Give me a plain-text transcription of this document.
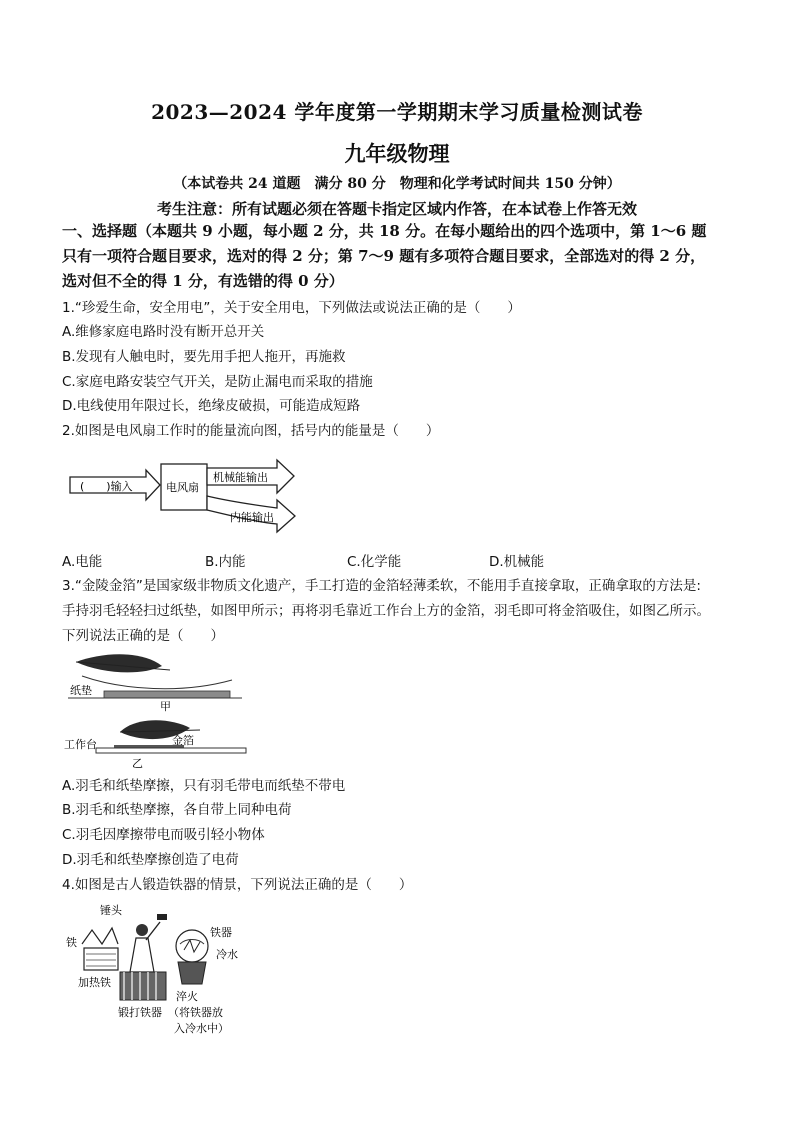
2023—2024 学年度第一学期期末学习质量检测试卷
九年级物理
（本试卷共 24 道题　满分 80 分　物理和化学考试时间共 150 分钟）
考生注意：所有试题必须在答题卡指定区域内作答，在本试卷上作答无效
一、选择题（本题共 9 小题，每小题 2 分，共 18 分。在每小题给出的四个选项中，第 1～6 题
只有一项符合题目要求，选对的得 2 分；第 7～9 题有多项符合题目要求，全部选对的得 2 分，
选对但不全的得 1 分，有选错的得 0 分）
1.“珍爱生命，安全用电”，关于安全用电，下列做法或说法正确的是（　　）
A.维修家庭电路时没有断开总开关
B.发现有人触电时，要先用手把人拖开，再施救
C.家庭电路安装空气开关，是防止漏电而采取的措施
D.电线使用年限过长，绝缘皮破损，可能造成短路
2.如图是电风扇工作时的能量流向图，括号内的能量是（　　）
(　　)输入	电风扇
机械能输出
内能输出
A.电能	B.内能	C.化学能	D.机械能
3.“金陵金箔”是国家级非物质文化遗产，手工打造的金箔轻薄柔软，不能用手直接拿取，正确拿取的方法是:
手持羽毛轻轻扫过纸垫，如图甲所示；再将羽毛靠近工作台上方的金箔，羽毛即可将金箔吸住，如图乙所示。
下列说法正确的是（　　）
纸垫
甲
工作台	金箔
乙
A.羽毛和纸垫摩擦，只有羽毛带电而纸垫不带电
B.羽毛和纸垫摩擦，各自带上同种电荷
C.羽毛因摩擦带电而吸引轻小物体
D.羽毛和纸垫摩擦创造了电荷
4.如图是古人锻造铁器的情景，下列说法正确的是（　　）
锤头
铁
加热铁
锻打铁器
铁器
冷水
淬火
（将铁器放
入冷水中）
